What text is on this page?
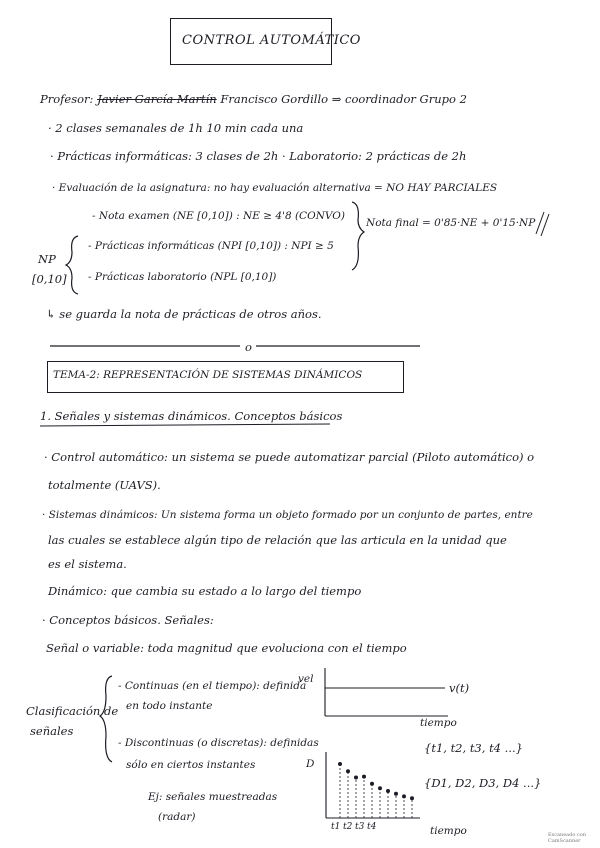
CONTROL AUTOMÁTICO
Profesor: Javier García Martín Francisco Gordillo ⇒ coordinador Grupo 2
· 2 clases semanales de 1h 10 min cada una
· Prácticas informáticas: 3 clases de 2h · Laboratorio: 2 prácticas de 2h
· Evaluación de la asignatura: no hay evaluación alternativa = NO HAY PARCIALES
- Nota examen (NE [0,10]) : NE ≥ 4'8 (CONVO)
- Prácticas informáticas (NPI [0,10]) : NPI ≥ 5
- Prácticas laboratorio (NPL [0,10])
NP
[0,10]
Nota final = 0'85·NE + 0'15·NP
↳ se guarda la nota de prácticas de otros años.
o
TEMA-2: REPRESENTACIÓN DE SISTEMAS DINÁMICOS
1. Señales y sistemas dinámicos. Conceptos básicos
· Control automático: un sistema se puede automatizar parcial (Piloto automático) o
totalmente (UAVS).
· Sistemas dinámicos: Un sistema forma un objeto formado por un conjunto de partes, entre
las cuales se establece algún tipo de relación que las articula en la unidad que
es el sistema.
Dinámico: que cambia su estado a lo largo del tiempo
· Conceptos básicos. Señales:
Señal o variable: toda magnitud que evoluciona con el tiempo
Clasificación de
señales
- Continuas (en el tiempo): definida
en todo instante
- Discontinuas (o discretas): definidas
sólo en ciertos instantes
Ej: señales muestreadas
(radar)
vel
v(t)
tiempo
D
{t1, t2, t3, t4 ...}
{D1, D2, D3, D4 ...}
tiempo
t1 t2 t3 t4
Escaneado con CamScanner
